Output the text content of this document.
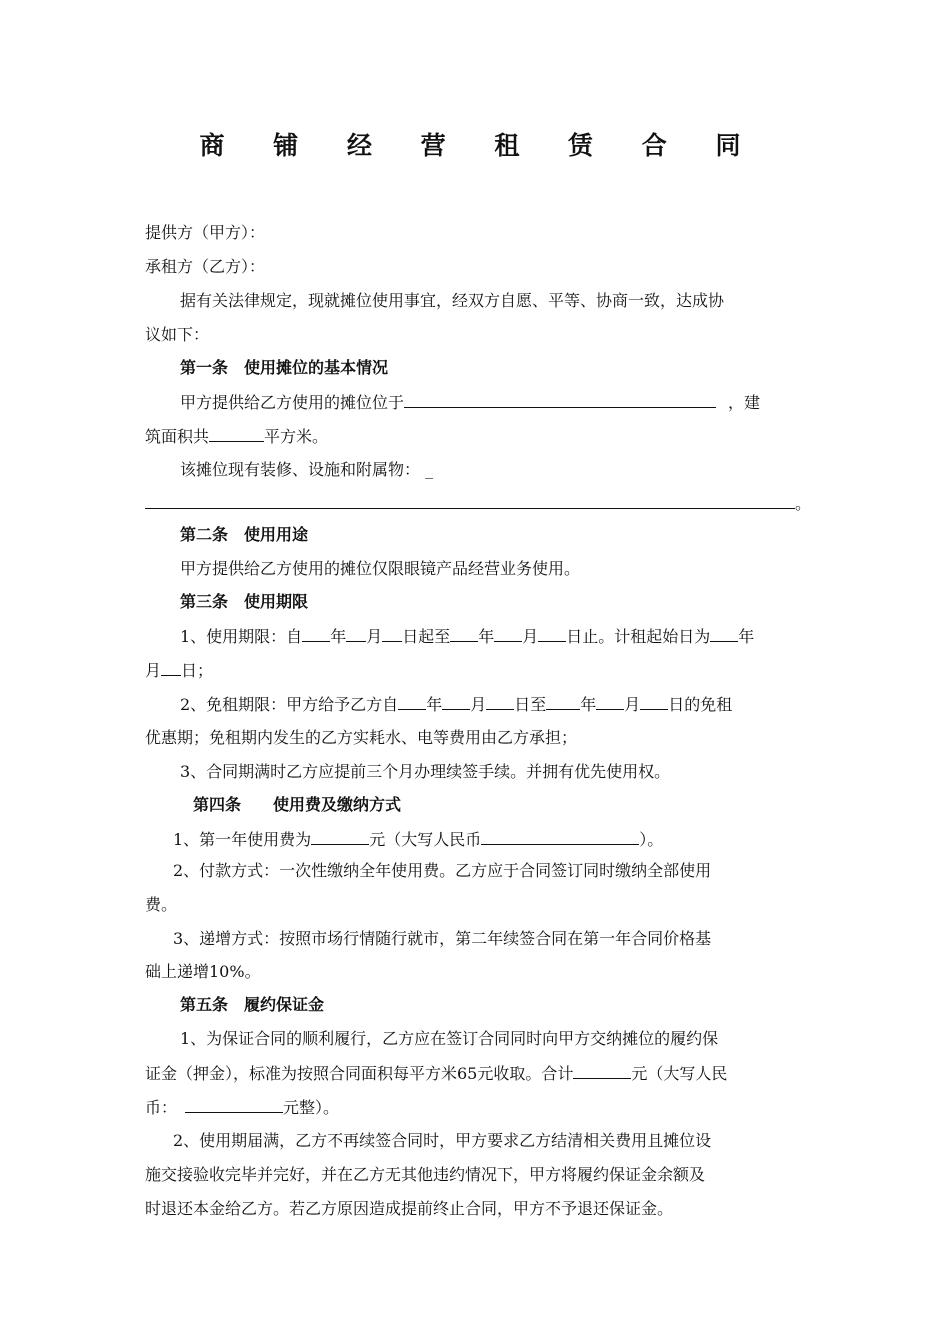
商 铺 经 营 租 赁 合 同
提供方（甲方）：
承租方（乙方）：
据有关法律规定，现就摊位使用事宜，经双方自愿、平等、协商一致，达成协
议如下：
第一条　使用摊位的基本情况
甲方提供给乙方使用的摊位位于	，建
筑面积共	平方米。
该摊位现有装修、设施和附属物： _
。
第二条　使用用途
甲方提供给乙方使用的摊位仅限眼镜产品经营业务使用。
第三条　使用期限
1、使用期限：自 年 月 日起至 年 月 日止。计租起始日为 年
月 日；
2、免租期限：甲方给予乙方自 年 月 日至 年 月 日的免租
优惠期；免租期内发生的乙方实耗水、电等费用由乙方承担；
3、合同期满时乙方应提前三个月办理续签手续。并拥有优先使用权。
第四条　　使用费及缴纳方式
1、第一年使用费为	元（大写人民币	）。
2、付款方式：一次性缴纳全年使用费。乙方应于合同签订同时缴纳全部使用
费。
3、递增方式：按照市场行情随行就市，第二年续签合同在第一年合同价格基
础上递增10%。
第五条　履约保证金
1、为保证合同的顺利履行，乙方应在签订合同同时向甲方交纳摊位的履约保
证金（押金），标准为按照合同面积每平方米65元收取。合计	元（大写人民
币：	元整）。
2、使用期届满，乙方不再续签合同时，甲方要求乙方结清相关费用且摊位设
施交接验收完毕并完好，并在乙方无其他违约情况下，甲方将履约保证金余额及
时退还本金给乙方。若乙方原因造成提前终止合同，甲方不予退还保证金。
